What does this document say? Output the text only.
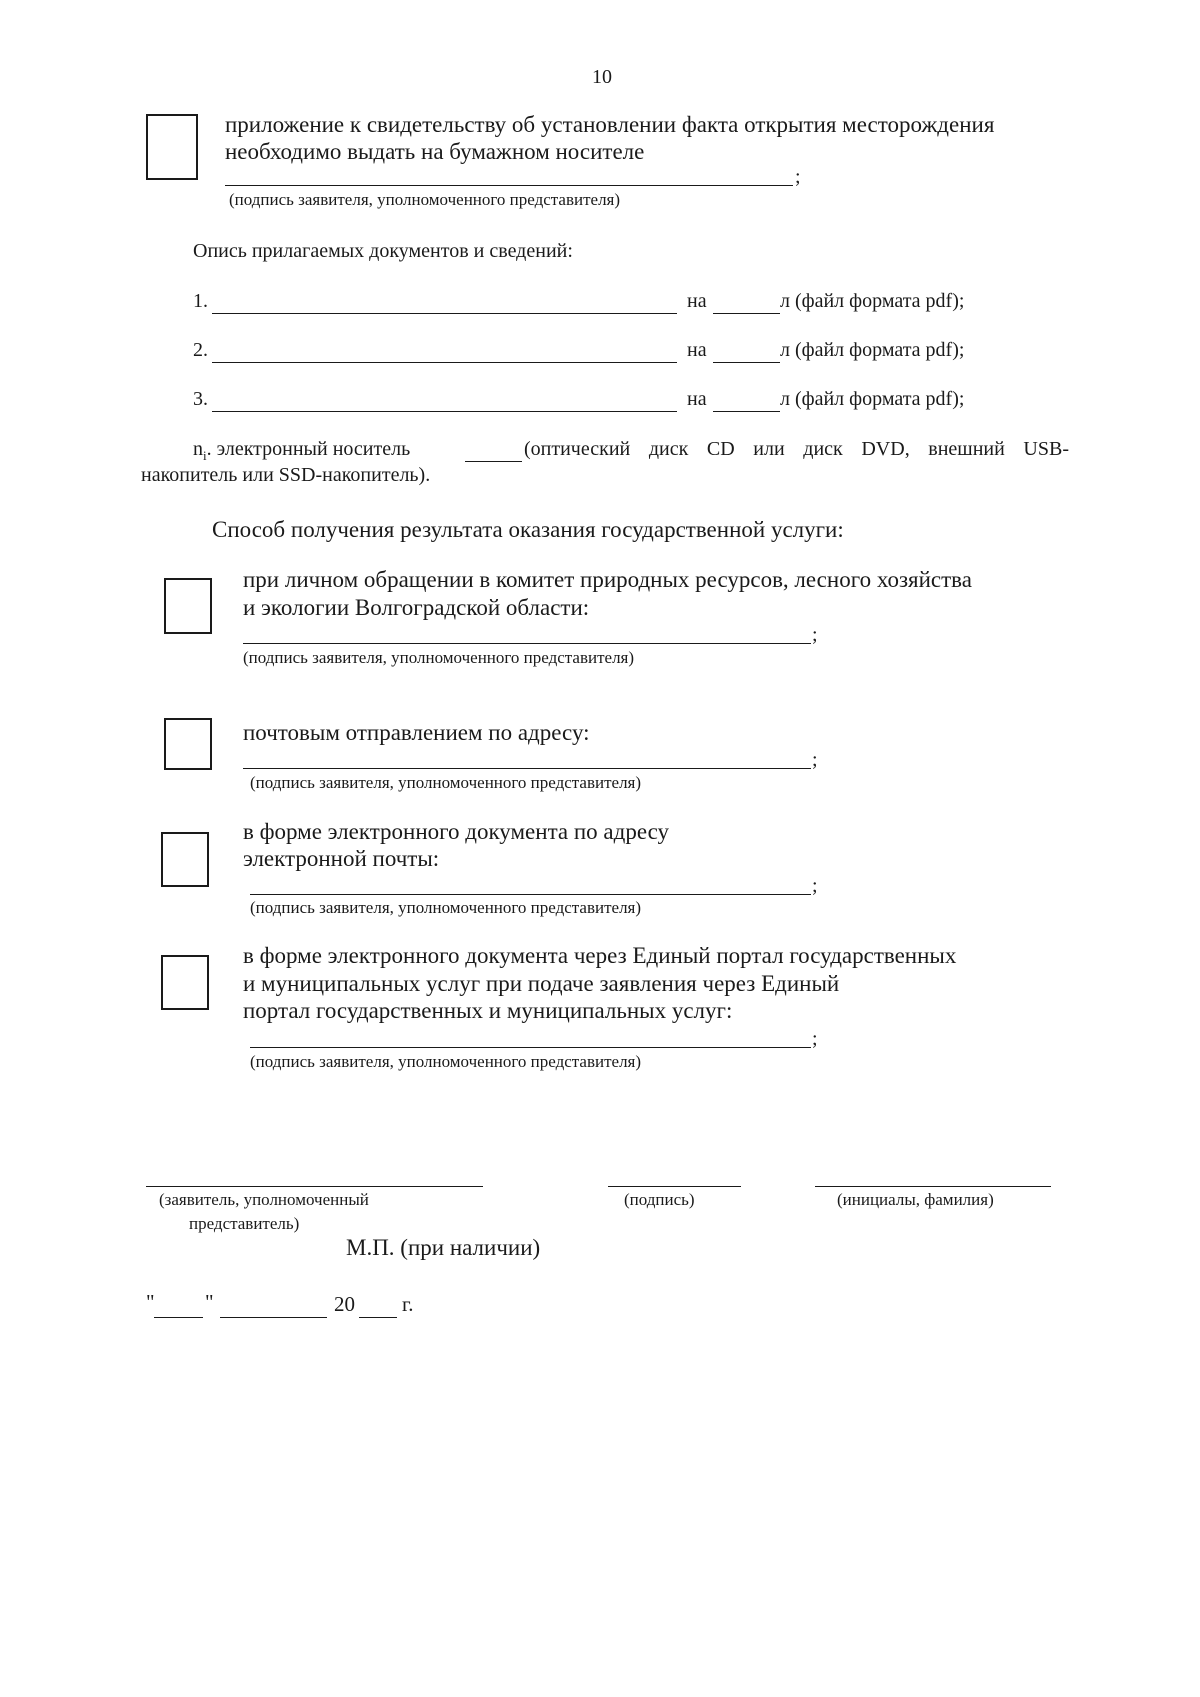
10
приложение к свидетельству об установлении факта открытия месторождения
необходимо выдать на бумажном носителе
;
(подпись заявителя, уполномоченного представителя)
Опись прилагаемых документов и сведений:
1.	на	л (файл формата pdf);
2.	на	л (файл формата pdf);
3.	на	л (файл формата pdf);
$n_i$. электронный носитель	(оптический диск CD или диск DVD, внешний USB-
накопитель или SSD-накопитель).
Способ получения результата оказания государственной услуги:
при личном обращении в комитет природных ресурсов, лесного хозяйства
и экологии Волгоградской области:
;
(подпись заявителя, уполномоченного представителя)
почтовым отправлением по адресу:
;
(подпись заявителя, уполномоченного представителя)
в форме электронного документа по адресу
электронной почты:
;
(подпись заявителя, уполномоченного представителя)
в форме электронного документа через Единый портал государственных
и муниципальных услуг при подаче заявления через Единый
портал государственных и муниципальных услуг:
;
(подпись заявителя, уполномоченного представителя)
(заявитель, уполномоченный
представитель)
(подпись)	(инициалы, фамилия)
М.П. (при наличии)
" "	20 г.
